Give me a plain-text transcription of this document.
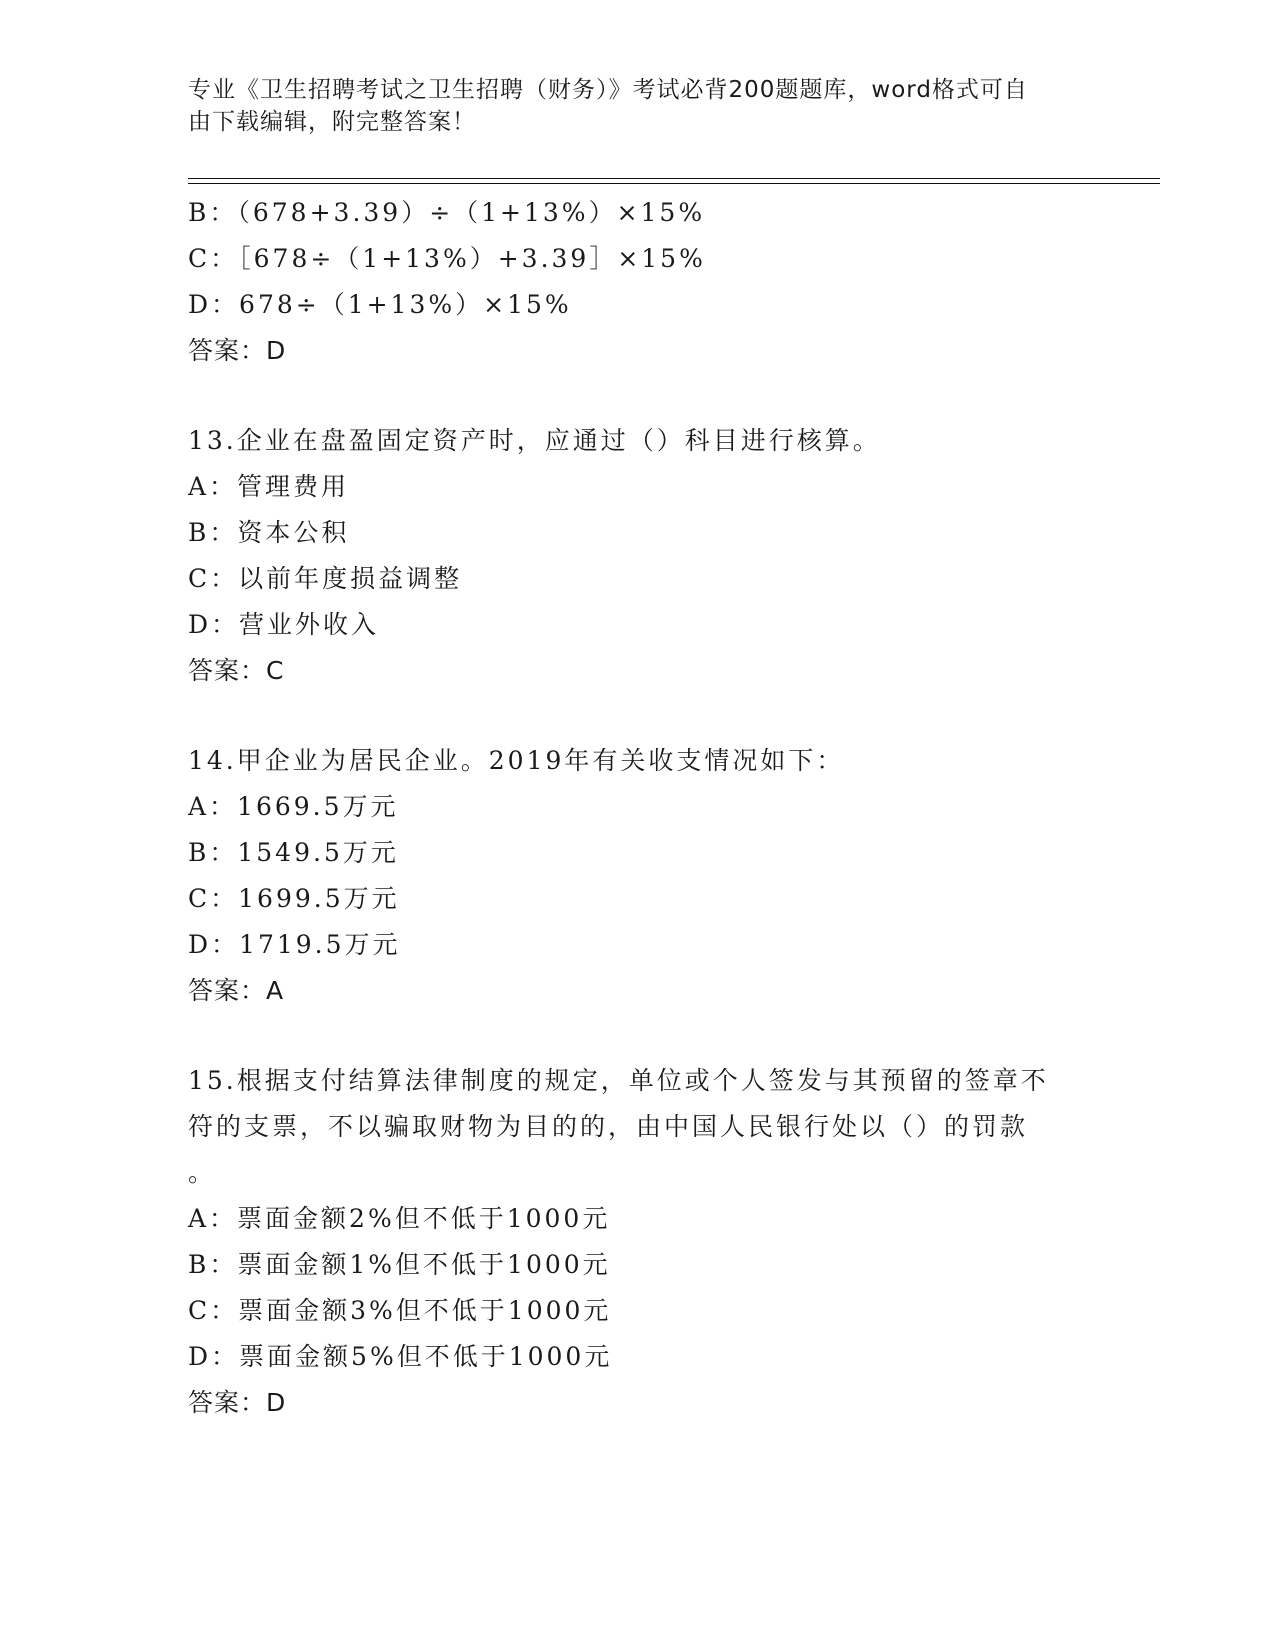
专业《卫生招聘考试之卫生招聘（财务）》考试必背200题题库，word格式可自
由下载编辑，附完整答案！
B：（678+3.39）÷（1+13%）×15%
C：［678÷（1+13%）+3.39］×15%
D：678÷（1+13%）×15%
答案：D
13.企业在盘盈固定资产时，应通过（）科目进行核算。
A：管理费用
B：资本公积
C：以前年度损益调整
D：营业外收入
答案：C
14.甲企业为居民企业。2019年有关收支情况如下：
A：1669.5万元
B：1549.5万元
C：1699.5万元
D：1719.5万元
答案：A
15.根据支付结算法律制度的规定，单位或个人签发与其预留的签章不
符的支票，不以骗取财物为目的的，由中国人民银行处以（）的罚款
。
A：票面金额2%但不低于1000元
B：票面金额1%但不低于1000元
C：票面金额3%但不低于1000元
D：票面金额5%但不低于1000元
答案：D
